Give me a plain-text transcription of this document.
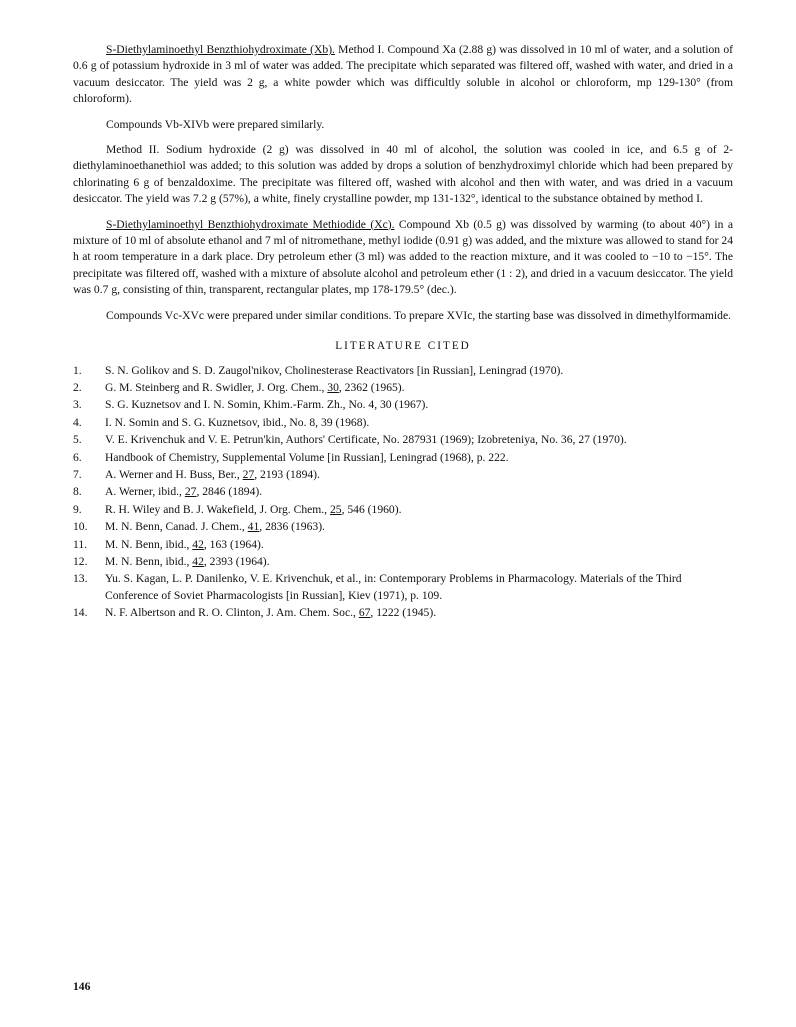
S-Diethylaminoethyl Benzthiohydroximate (Xb). Method I. Compound Xa (2.88 g) was dissolved in 10 ml of water, and a solution of 0.6 g of potassium hydroxide in 3 ml of water was added. The precipitate which separated was filtered off, washed with water, and dried in a vacuum desiccator. The yield was 2 g, a white powder which was difficultly soluble in alcohol or chloroform, mp 129-130° (from chloroform).

Compounds Vb-XIVb were prepared similarly.

Method II. Sodium hydroxide (2 g) was dissolved in 40 ml of alcohol, the solution was cooled in ice, and 6.5 g of 2-diethylaminoethanethiol was added; to this solution was added by drops a solution of benzhydroximyl chloride which had been prepared by chlorinating 6 g of benzaldoxime. The precipitate was filtered off, washed with alcohol and then with water, and was dried in a vacuum desiccator. The yield was 7.2 g (57%), a white, finely crystalline powder, mp 131-132°, identical to the substance obtained by method I.

S-Diethylaminoethyl Benzthiohydroximate Methiodide (Xc). Compound Xb (0.5 g) was dissolved by warming (to about 40°) in a mixture of 10 ml of absolute ethanol and 7 ml of nitromethane, methyl iodide (0.91 g) was added, and the mixture was allowed to stand for 24 h at room temperature in a dark place. Dry petroleum ether (3 ml) was added to the reaction mixture, and it was cooled to −10 to −15°. The precipitate was filtered off, washed with a mixture of absolute alcohol and petroleum ether (1 : 2), and dried in a vacuum desiccator. The yield was 0.7 g, consisting of thin, transparent, rectangular plates, mp 178-179.5° (dec.).

Compounds Vc-XVc were prepared under similar conditions. To prepare XVIc, the starting base was dissolved in dimethylformamide.

LITERATURE CITED
1.	S. N. Golikov and S. D. Zaugol'nikov, Cholinesterase Reactivators [in Russian], Leningrad (1970).
2.	G. M. Steinberg and R. Swidler, J. Org. Chem., 30, 2362 (1965).
3.	S. G. Kuznetsov and I. N. Somin, Khim.-Farm. Zh., No. 4, 30 (1967).
4.	I. N. Somin and S. G. Kuznetsov, ibid., No. 8, 39 (1968).
5.	V. E. Krivenchuk and V. E. Petrun'kin, Authors' Certificate, No. 287931 (1969); Izobreteniya, No. 36, 27 (1970).
6.	Handbook of Chemistry, Supplemental Volume [in Russian], Leningrad (1968), p. 222.
7.	A. Werner and H. Buss, Ber., 27, 2193 (1894).
8.	A. Werner, ibid., 27, 2846 (1894).
9.	R. H. Wiley and B. J. Wakefield, J. Org. Chem., 25, 546 (1960).
10.	M. N. Benn, Canad. J. Chem., 41, 2836 (1963).
11.	M. N. Benn, ibid., 42, 163 (1964).
12.	M. N. Benn, ibid., 42, 2393 (1964).
13.	Yu. S. Kagan, L. P. Danilenko, V. E. Krivenchuk, et al., in: Contemporary Problems in Pharmacology. Materials of the Third Conference of Soviet Pharmacologists [in Russian], Kiev (1971), p. 109.
14.	N. F. Albertson and R. O. Clinton, J. Am. Chem. Soc., 67, 1222 (1945).
146
